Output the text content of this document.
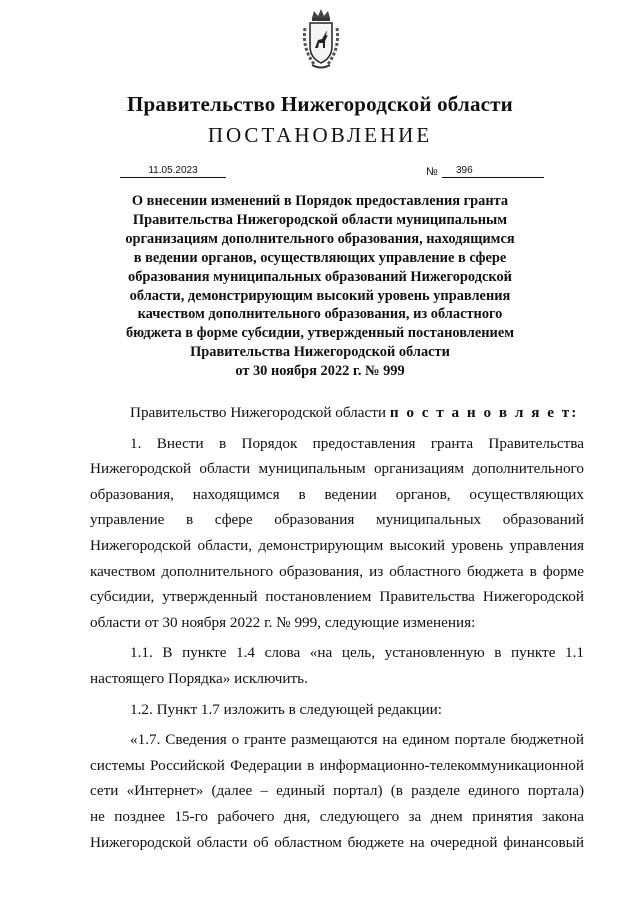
Правительство Нижегородской области
ПОСТАНОВЛЕНИЕ
11.05.2023	№	396
О внесении изменений в Порядок предоставления гранта
Правительства Нижегородской области муниципальным
организациям дополнительного образования, находящимся
в ведении органов, осуществляющих управление в сфере
образования муниципальных образований Нижегородской
области, демонстрирующим высокий уровень управления
качеством дополнительного образования, из областного
бюджета в форме субсидии, утвержденный постановлением
Правительства Нижегородской области
от 30 ноября 2022 г. № 999

Правительство Нижегородской области п о с т а н о в л я е т:

1. Внести в Порядок предоставления гранта Правительства
Нижегородской области муниципальным организациям дополнительного
образования, находящимся в ведении органов, осуществляющих
управление в сфере образования муниципальных образований
Нижегородской области, демонстрирующим высокий уровень управления
качеством дополнительного образования, из областного бюджета в форме
субсидии, утвержденный постановлением Правительства Нижегородской
области от 30 ноября 2022 г. № 999, следующие изменения:
1.1. В пункте 1.4 слова «на цель, установленную в пункте 1.1
настоящего Порядка» исключить.

1.2. Пункт 1.7 изложить в следующей редакции:

«1.7. Сведения о гранте размещаются на едином портале бюджетной
системы Российской Федерации в информационно-телекоммуникационной
сети «Интернет» (далее – единый портал) (в разделе единого портала)
не позднее 15-го рабочего дня, следующего за днем принятия закона
Нижегородской области об областном бюджете на очередной финансовый
